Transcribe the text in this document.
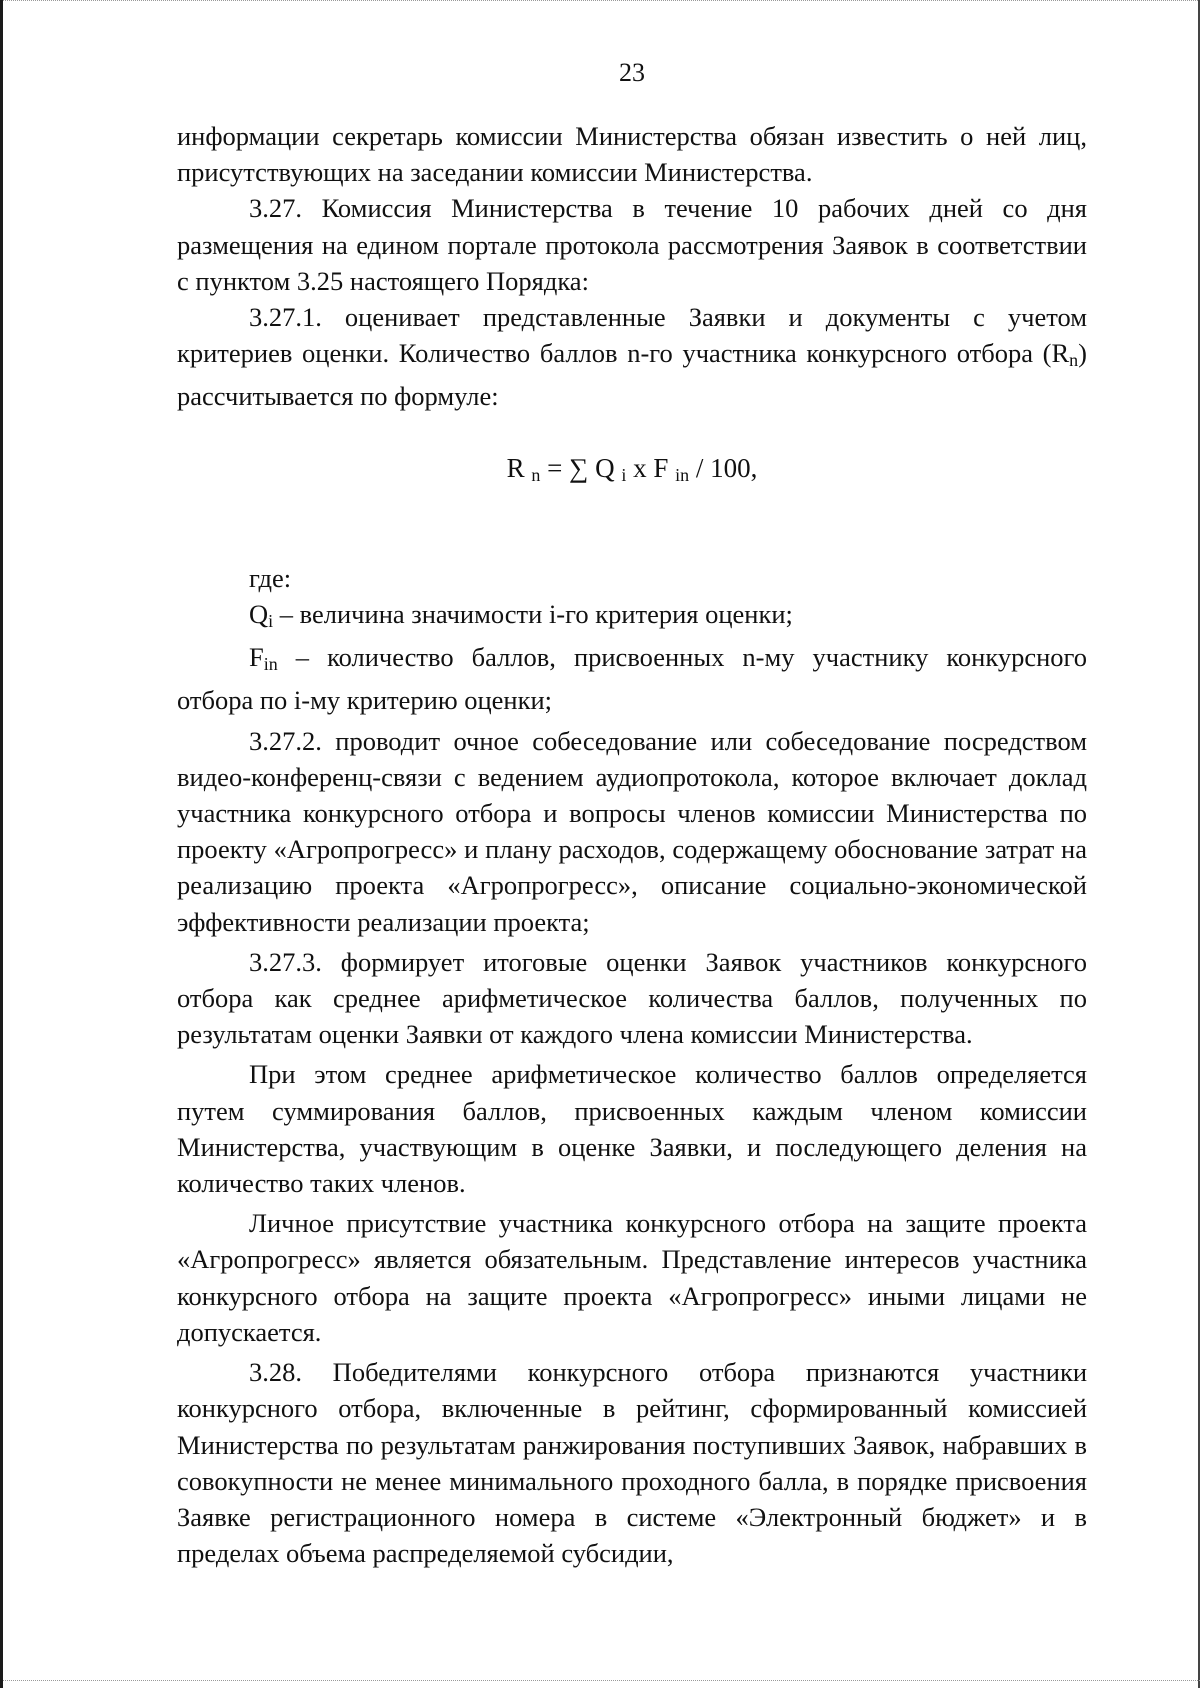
23

информации секретарь комиссии Министерства обязан известить о ней лиц, присутствующих на заседании комиссии Министерства.

3.27. Комиссия Министерства в течение 10 рабочих дней со дня размещения на едином портале протокола рассмотрения Заявок в соответствии с пунктом 3.25 настоящего Порядка:

3.27.1. оценивает представленные Заявки и документы с учетом критериев оценки. Количество баллов n-го участника конкурсного отбора $(R_n)$ рассчитывается по формуле:

R $_n$ = ∑ Q $_i$ x F $_{in}$ / 100,

где:

$Q_i$ – величина значимости i-го критерия оценки;

$F_{in}$ – количество баллов, присвоенных n-му участнику конкурсного отбора по i-му критерию оценки;

3.27.2. проводит очное собеседование или собеседование посредством видео-конференц-связи с ведением аудиопротокола, которое включает доклад участника конкурсного отбора и вопросы членов комиссии Министерства по проекту «Агропрогресс» и плану расходов, содержащему обоснование затрат на реализацию проекта «Агропрогресс», описание социально-экономической эффективности реализации проекта;

3.27.3. формирует итоговые оценки Заявок участников конкурсного отбора как среднее арифметическое количества баллов, полученных по результатам оценки Заявки от каждого члена комиссии Министерства.

При этом среднее арифметическое количество баллов определяется путем суммирования баллов, присвоенных каждым членом комиссии Министерства, участвующим в оценке Заявки, и последующего деления на количество таких членов.

Личное присутствие участника конкурсного отбора на защите проекта «Агропрогресс» является обязательным. Представление интересов участника конкурсного отбора на защите проекта «Агропрогресс» иными лицами не допускается.

3.28. Победителями конкурсного отбора признаются участники конкурсного отбора, включенные в рейтинг, сформированный комиссией Министерства по результатам ранжирования поступивших Заявок, набравших в совокупности не менее минимального проходного балла, в порядке присвоения Заявке регистрационного номера в системе «Электронный бюджет» и в пределах объема распределяемой субсидии,
